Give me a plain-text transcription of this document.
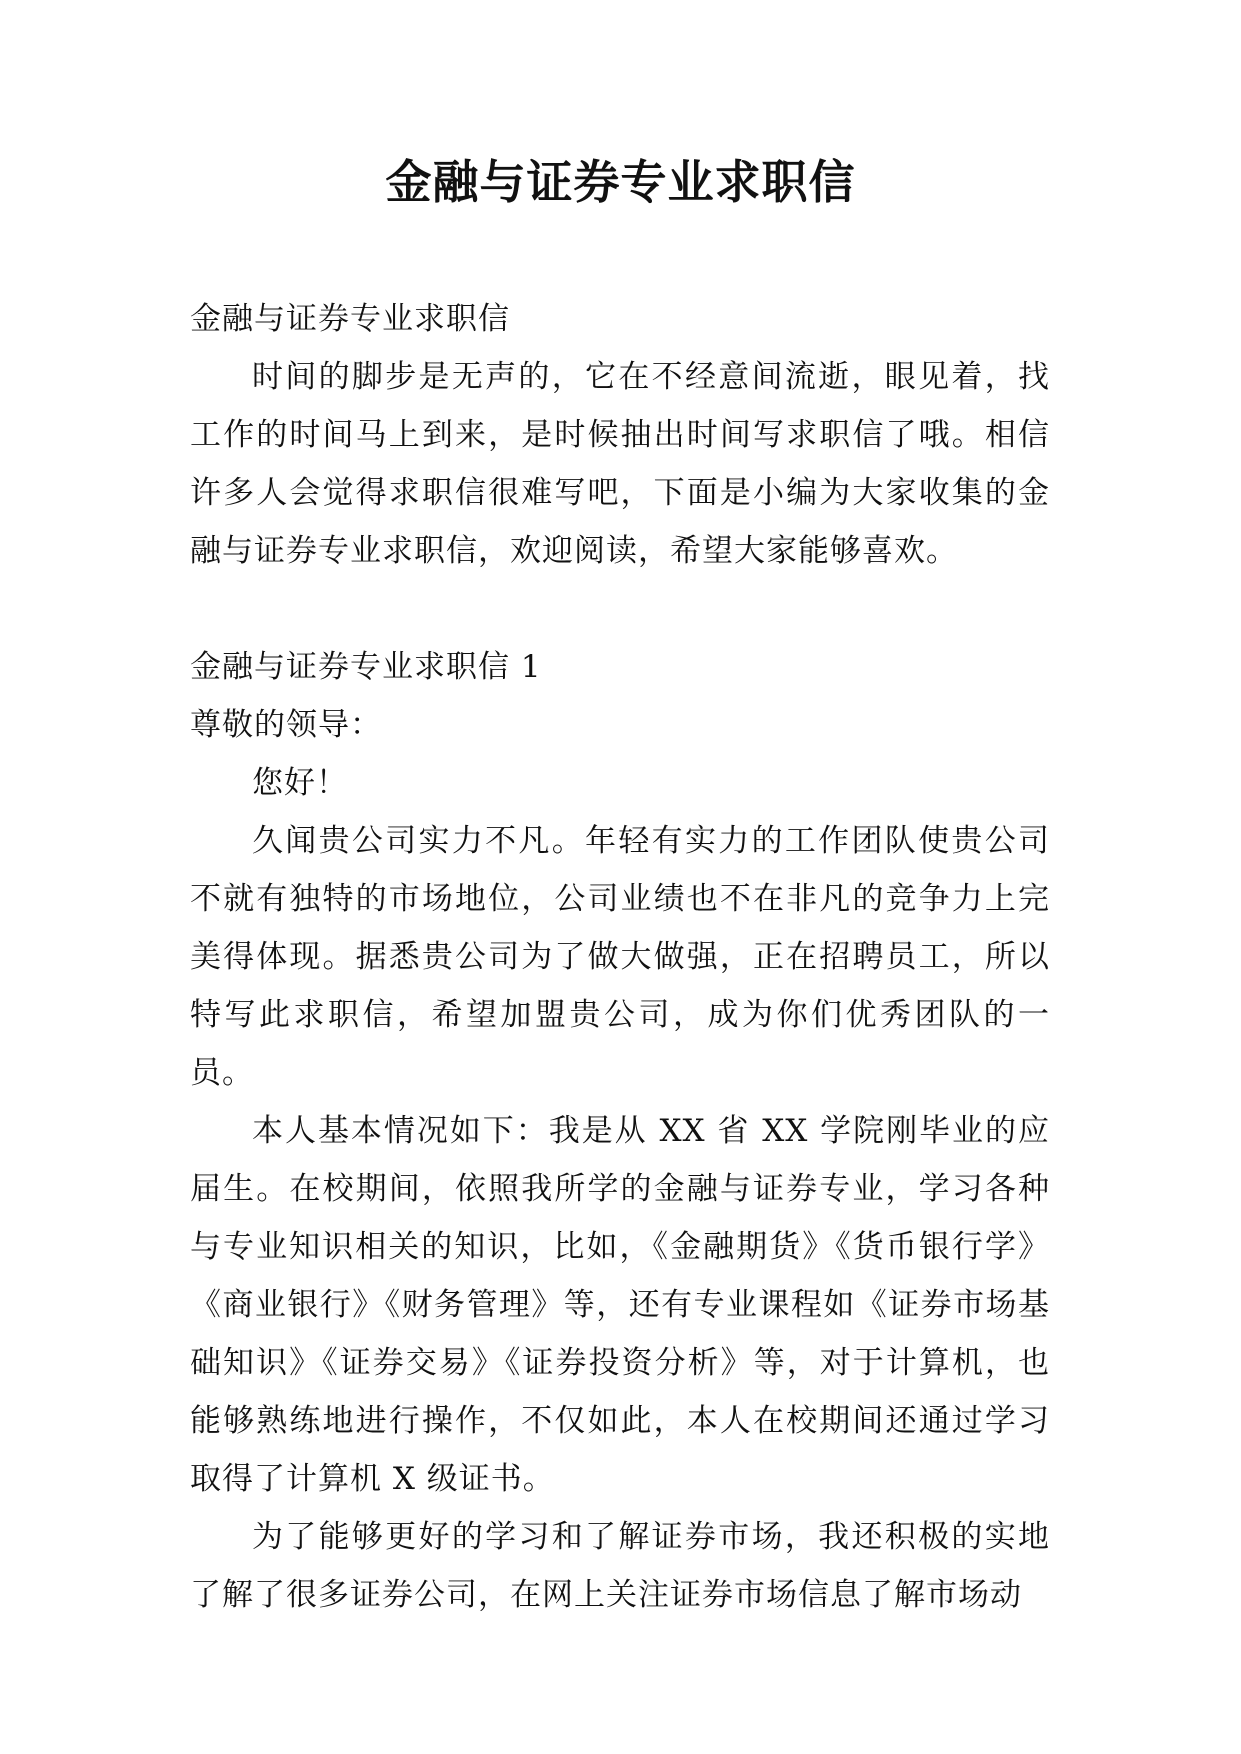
金融与证券专业求职信

金融与证券专业求职信

时间的脚步是无声的，它在不经意间流逝，眼见着，找工作的时间马上到来，是时候抽出时间写求职信了哦。相信许多人会觉得求职信很难写吧，下面是小编为大家收集的金融与证券专业求职信，欢迎阅读，希望大家能够喜欢。

金融与证券专业求职信 1

尊敬的领导：

您好！

久闻贵公司实力不凡。年轻有实力的工作团队使贵公司不就有独特的市场地位，公司业绩也不在非凡的竞争力上完美得体现。据悉贵公司为了做大做强，正在招聘员工，所以特写此求职信，希望加盟贵公司，成为你们优秀团队的一员。

本人基本情况如下：我是从 XX 省 XX 学院刚毕业的应届生。在校期间，依照我所学的金融与证券专业，学习各种与专业知识相关的知识，比如，《金融期货》《货币银行学》《商业银行》《财务管理》等，还有专业课程如《证券市场基础知识》《证券交易》《证券投资分析》等，对于计算机，也能够熟练地进行操作，不仅如此，本人在校期间还通过学习取得了计算机 X 级证书。

为了能够更好的学习和了解证券市场，我还积极的实地了解了很多证券公司，在网上关注证券市场信息了解市场动
